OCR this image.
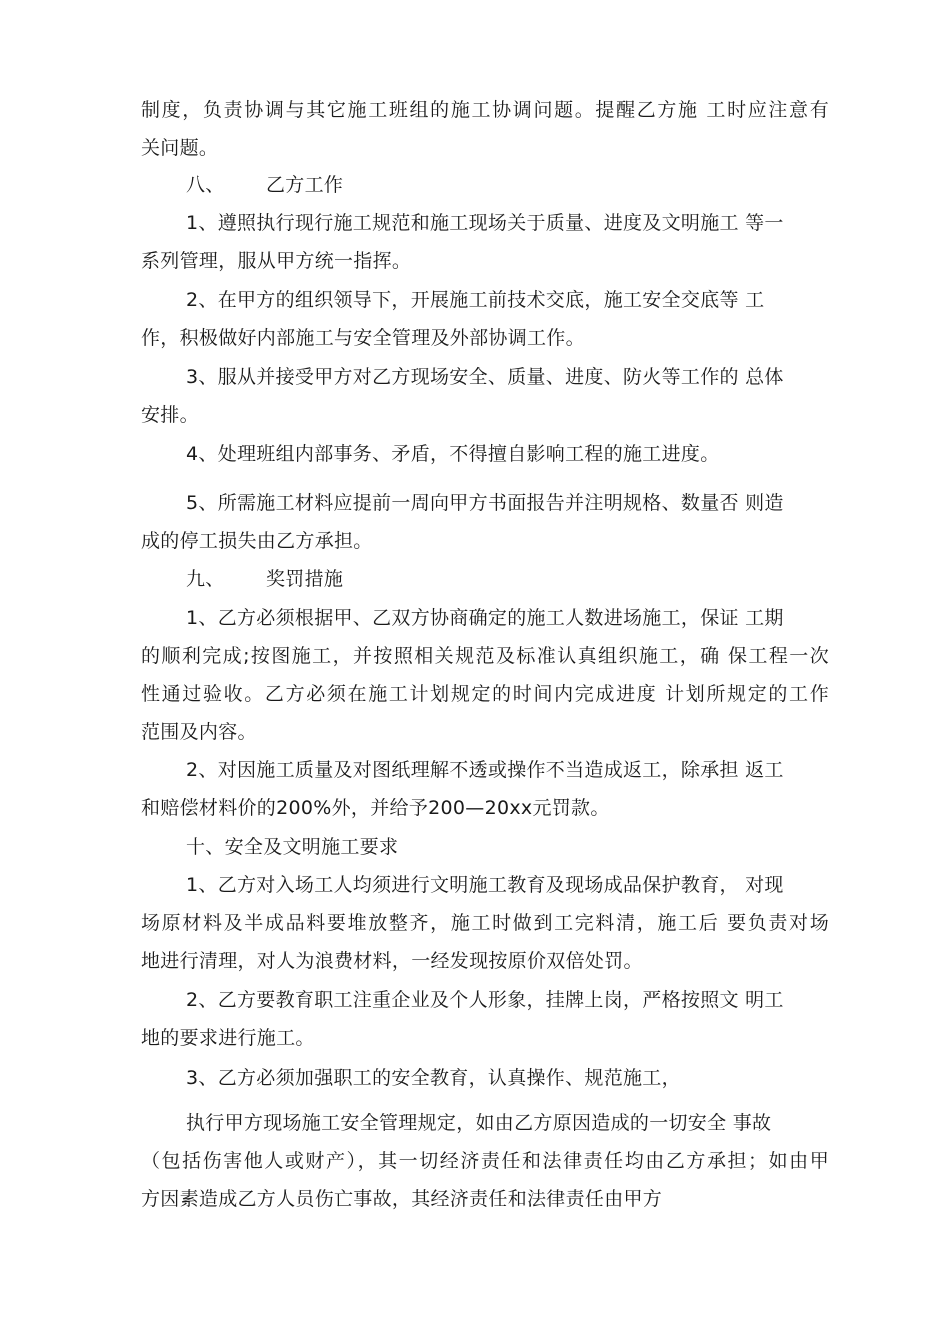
制度，负责协调与其它施工班组的施工协调问题。提醒乙方施 工时应注意有
关问题。
八、 乙方工作
1、遵照执行现行施工规范和施工现场关于质量、进度及文明施工 等一
系列管理，服从甲方统一指挥。
2、在甲方的组织领导下，开展施工前技术交底，施工安全交底等 工
作，积极做好内部施工与安全管理及外部协调工作。
3、服从并接受甲方对乙方现场安全、质量、进度、防火等工作的 总体
安排。
4、处理班组内部事务、矛盾，不得擅自影响工程的施工进度。
5、所需施工材料应提前一周向甲方书面报告并注明规格、数量否 则造
成的停工损失由乙方承担。
九、 奖罚措施
1、乙方必须根据甲、乙双方协商确定的施工人数进场施工，保证 工期
的顺利完成;按图施工，并按照相关规范及标准认真组织施工，确 保工程一次
性通过验收。乙方必须在施工计划规定的时间内完成进度 计划所规定的工作
范围及内容。
2、对因施工质量及对图纸理解不透或操作不当造成返工，除承担 返工
和赔偿材料价的200%外，并给予200—20xx元罚款。
十、安全及文明施工要求
1、乙方对入场工人均须进行文明施工教育及现场成品保护教育， 对现
场原材料及半成品料要堆放整齐，施工时做到工完料清，施工后 要负责对场
地进行清理，对人为浪费材料，一经发现按原价双倍处罚。
2、乙方要教育职工注重企业及个人形象，挂牌上岗，严格按照文 明工
地的要求进行施工。
3、乙方必须加强职工的安全教育，认真操作、规范施工，
执行甲方现场施工安全管理规定，如由乙方原因造成的一切安全 事故
（包括伤害他人或财产），其一切经济责任和法律责任均由乙方承担；如由甲
方因素造成乙方人员伤亡事故，其经济责任和法律责任由甲方
